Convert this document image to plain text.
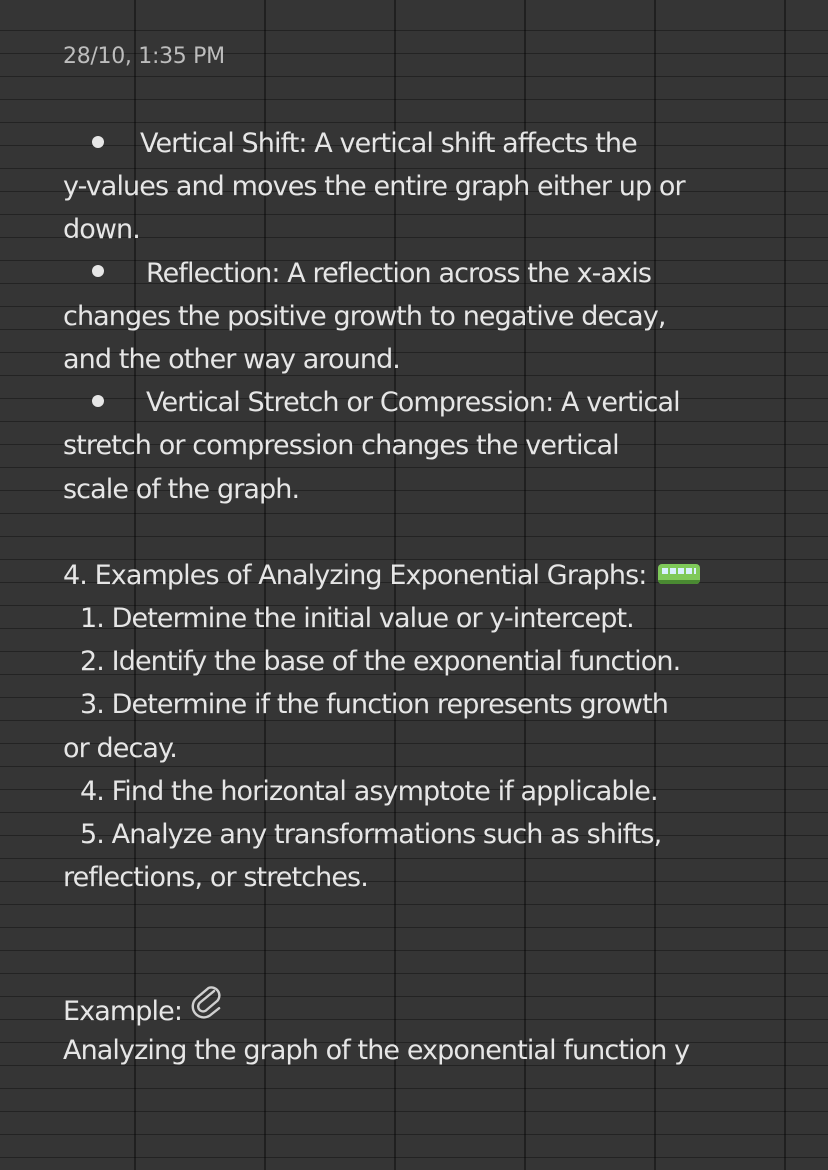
28/10, 1:35 PM
Vertical Shift: A vertical shift affects the
y-values and moves the entire graph either up or
down.
Reflection: A reflection across the x-axis
changes the positive growth to negative decay,
and the other way around.
Vertical Stretch or Compression: A vertical
stretch or compression changes the vertical
scale of the graph.
4. Examples of Analyzing Exponential Graphs:
1. Determine the initial value or y-intercept.
2. Identify the base of the exponential function.
3. Determine if the function represents growth
or decay.
4. Find the horizontal asymptote if applicable.
5. Analyze any transformations such as shifts,
reflections, or stretches.
Example:
Analyzing the graph of the exponential function y
